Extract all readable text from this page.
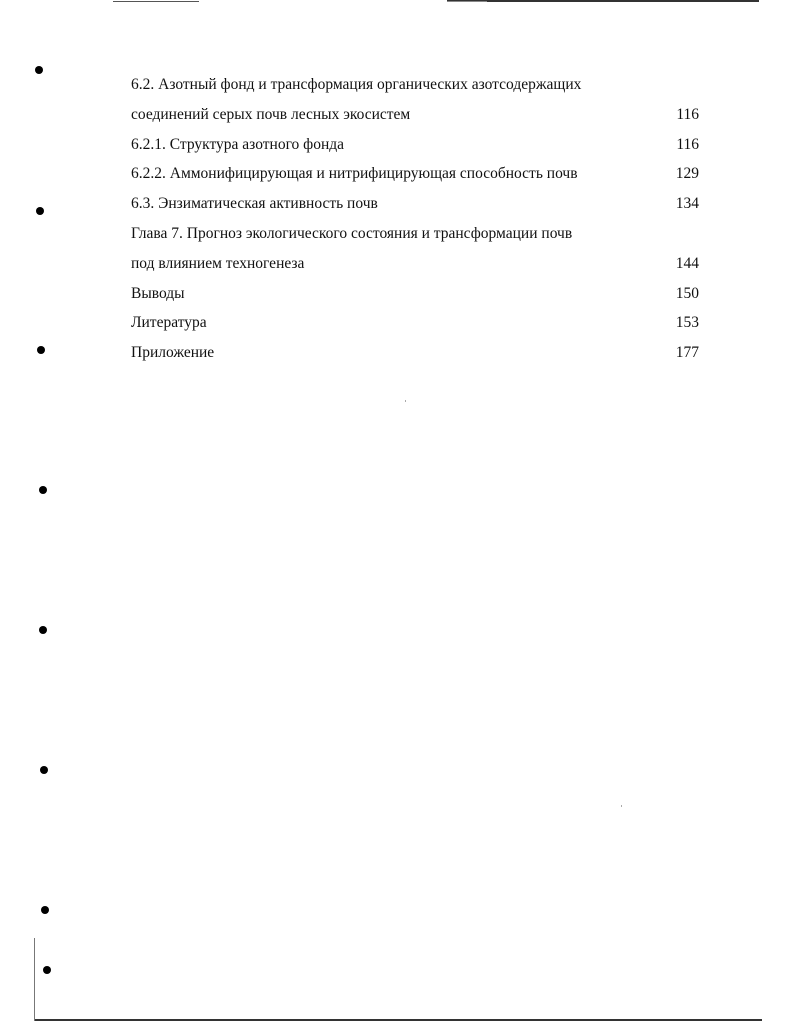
6.2. Азотный фонд и трансформация органических азотсодержащих
соединений серых почв лесных экосистем	116
6.2.1. Структура азотного фонда	116
6.2.2. Аммонифицирующая и нитрифицирующая способность почв	129
6.3. Энзиматическая активность почв	134
Глава 7. Прогноз экологического состояния и трансформации почв
под влиянием техногенеза	144
Выводы	150
Литература	153
Приложение	177
